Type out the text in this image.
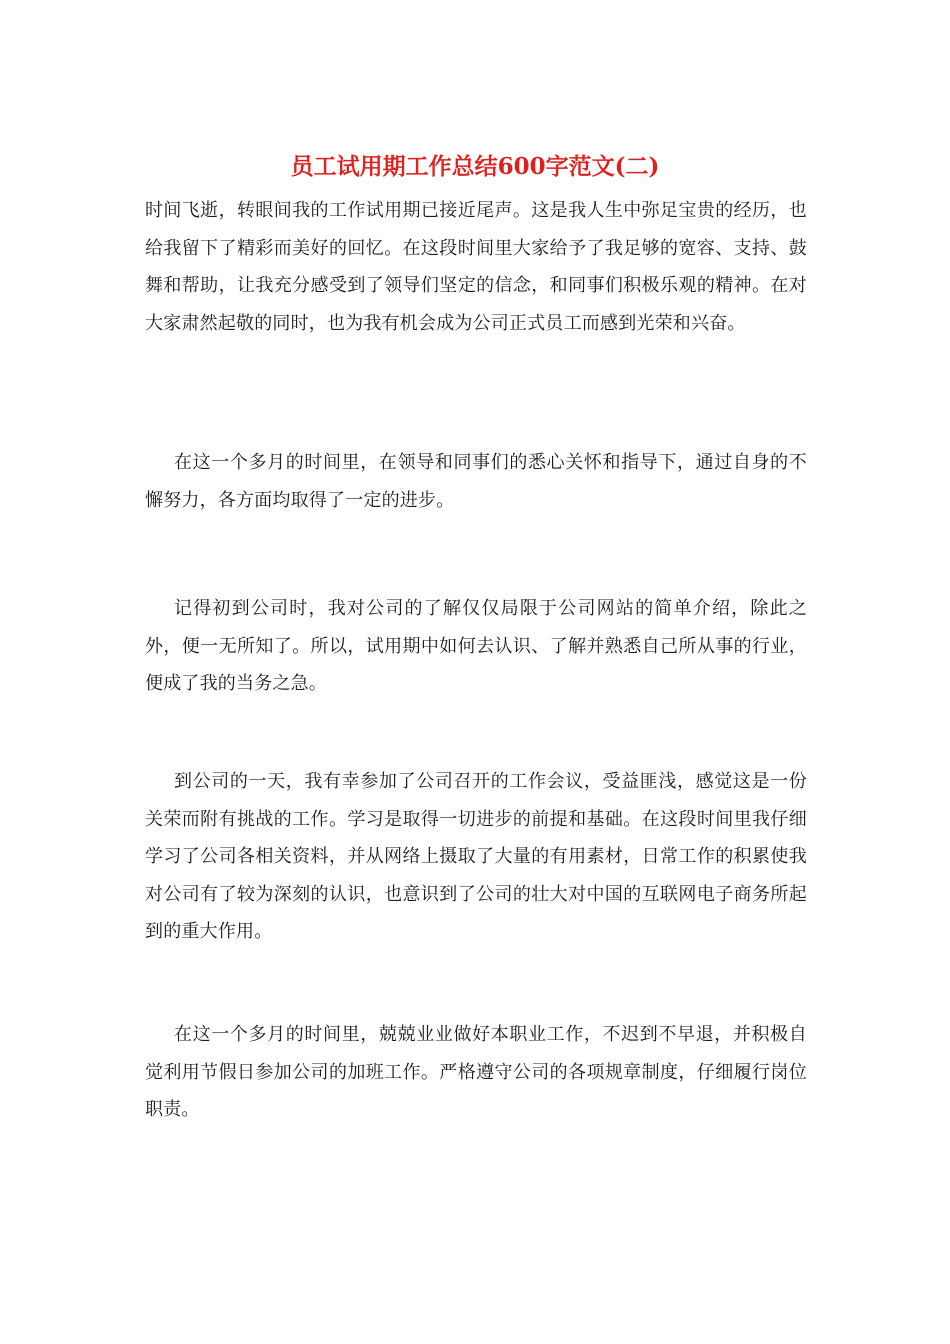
员工试用期工作总结600字范文(二)

时间飞逝，转眼间我的工作试用期已接近尾声。这是我人生中弥足宝贵的经历，也给我留下了精彩而美好的回忆。在这段时间里大家给予了我足够的宽容、支持、鼓舞和帮助，让我充分感受到了领导们坚定的信念，和同事们积极乐观的精神。在对大家肃然起敬的同时，也为我有机会成为公司正式员工而感到光荣和兴奋。

在这一个多月的时间里，在领导和同事们的悉心关怀和指导下，通过自身的不懈努力，各方面均取得了一定的进步。

记得初到公司时，我对公司的了解仅仅局限于公司网站的简单介绍，除此之外，便一无所知了。所以，试用期中如何去认识、了解并熟悉自己所从事的行业，便成了我的当务之急。

到公司的一天，我有幸参加了公司召开的工作会议，受益匪浅，感觉这是一份关荣而附有挑战的工作。学习是取得一切进步的前提和基础。在这段时间里我仔细学习了公司各相关资料，并从网络上摄取了大量的有用素材，日常工作的积累使我对公司有了较为深刻的认识，也意识到了公司的壮大对中国的互联网电子商务所起到的重大作用。

在这一个多月的时间里，兢兢业业做好本职业工作，不迟到不早退，并积极自觉利用节假日参加公司的加班工作。严格遵守公司的各项规章制度，仔细履行岗位职责。
